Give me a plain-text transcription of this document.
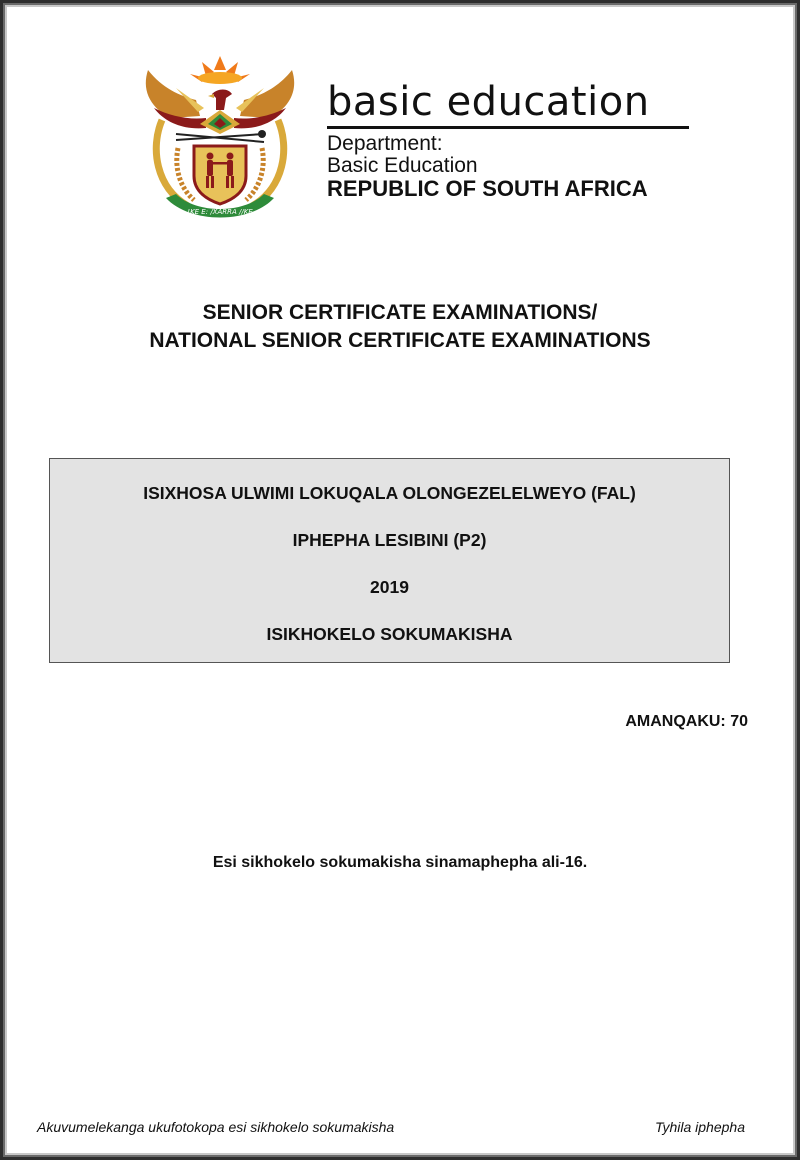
!KE E: /XARRA //KE
basic education
Department:
Basic Education
REPUBLIC OF SOUTH AFRICA
SENIOR CERTIFICATE EXAMINATIONS/
NATIONAL SENIOR CERTIFICATE EXAMINATIONS
ISIXHOSA ULWIMI LOKUQALA OLONGEZELELWEYO (FAL)
IPHEPHA LESIBINI (P2)
2019
ISIKHOKELO SOKUMAKISHA
AMANQAKU: 70
Esi sikhokelo sokumakisha sinamaphepha ali-16.
Akuvumelekanga ukufotokopa esi sikhokelo sokumakisha	Tyhila iphepha
